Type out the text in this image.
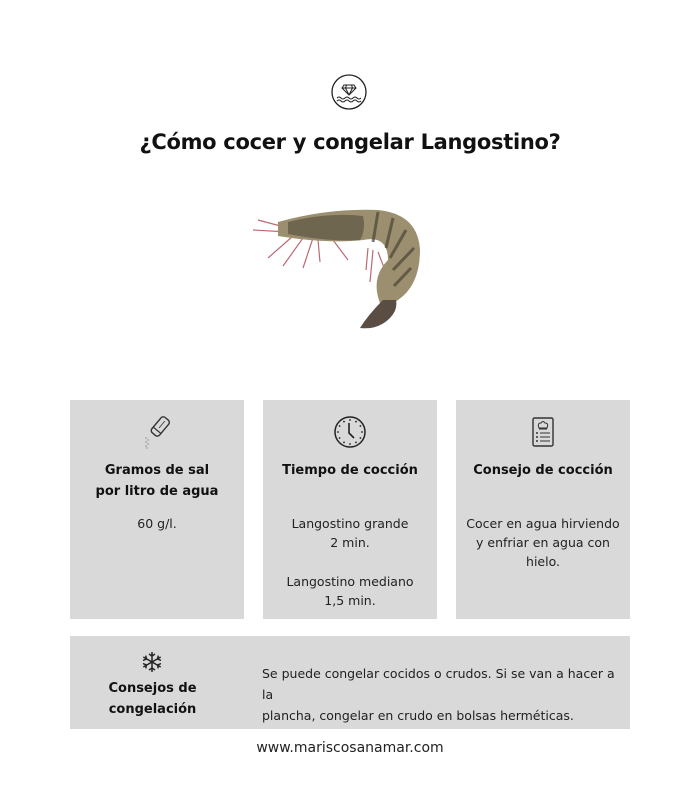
¿Cómo cocer y congelar Langostino?
Gramos de sal
por litro de agua
60 g/l.
Tiempo de cocción
Langostino grande
2 min.
Langostino mediano
1,5 min.
Consejo de cocción
Cocer en agua hirviendo
y enfriar en agua con
hielo.
Consejos de
congelación
Se puede congelar cocidos o crudos. Si se van a hacer a la
plancha, congelar en crudo en bolsas herméticas.
www.mariscosanamar.com
